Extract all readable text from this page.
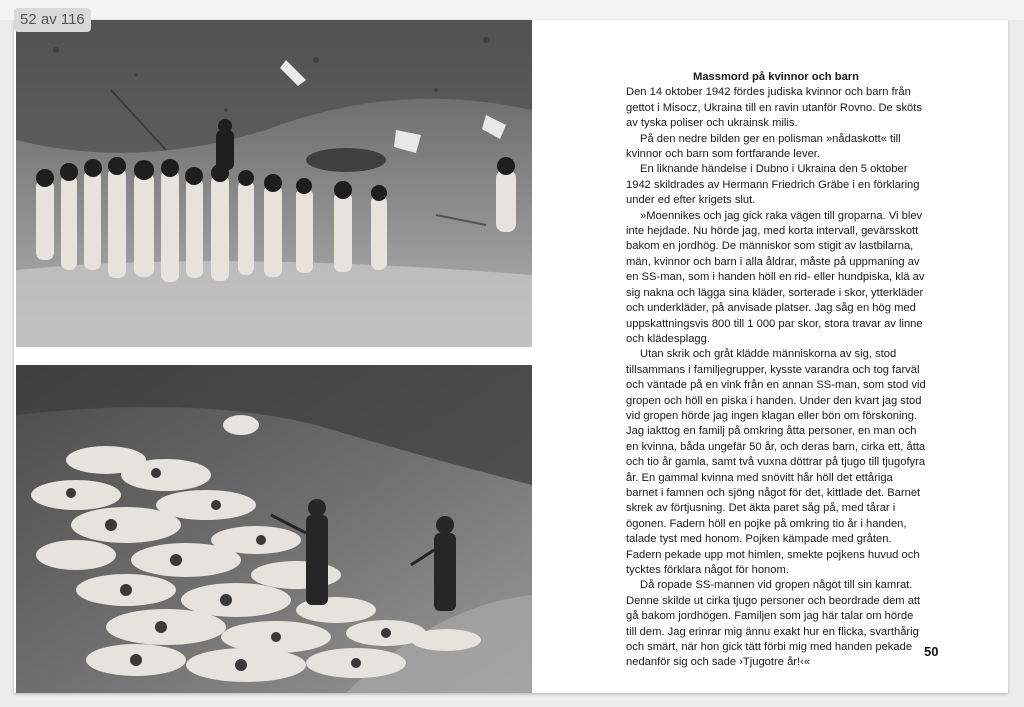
Massmord på kvinnor och barn
Den 14 oktober 1942 fördes judiska kvinnor och barn från gettot i Misocz, Ukraina till en ravin utanför Rovno. De sköts av tyska poliser och ukrainsk milis.
På den nedre bilden ger en polisman »nådaskott« till kvinnor och barn som fortfarande lever.
En liknande händelse i Dubno i Ukraina den 5 oktober 1942 skildrades av Hermann Friedrich Gräbe i en förklaring under ed efter krigets slut.
»Moennikes och jag gick raka vägen till groparna. Vi blev inte hejdade. Nu hörde jag, med korta intervall, gevärsskott bakom en jordhög. De människor som stigit av lastbilarna, män, kvinnor och barn i alla åldrar, måste på uppmaning av en SS-man, som i handen höll en rid- eller hundpiska, klä av sig nakna och lägga sina kläder, sorterade i skor, ytterkläder och underkläder, på anvisade platser. Jag såg en hög med uppskattningsvis 800 till 1 000 par skor, stora travar av linne och klädesplagg.
Utan skrik och gråt klädde människorna av sig, stod tillsammans i familjegrupper, kysste varandra och tog farväl och väntade på en vink från en annan SS-man, som stod vid gropen och höll en piska i handen. Under den kvart jag stod vid gropen hörde jag ingen klagan eller bön om förskoning. Jag iakttog en familj på omkring åtta personer, en man och en kvinna, båda ungefär 50 år, och deras barn, cirka ett, åtta och tio år gamla, samt två vuxna döttrar på tjugo till tjugofyra år. En gammal kvinna med snövitt hår höll det ettåriga barnet i famnen och sjöng något för det, kittlade det. Barnet skrek av förtjusning. Det äkta paret såg på, med tårar i ögonen. Fadern höll en pojke på omkring tio år i handen, talade tyst med honom. Pojken kämpade med gråten. Fadern pekade upp mot himlen, smekte pojkens huvud och tycktes förklara något för honom.
Då ropade SS-mannen vid gropen något till sin kamrat. Denne skilde ut cirka tjugo personer och beordrade dem att gå bakom jordhögen. Familjen som jag här talar om hörde till dem. Jag erinrar mig ännu exakt hur en flicka, svarthårig och smärt, när hon gick tätt förbi mig med handen pekade nedanför sig och sade ›Tjugotre år!‹«
50
52 av 116
